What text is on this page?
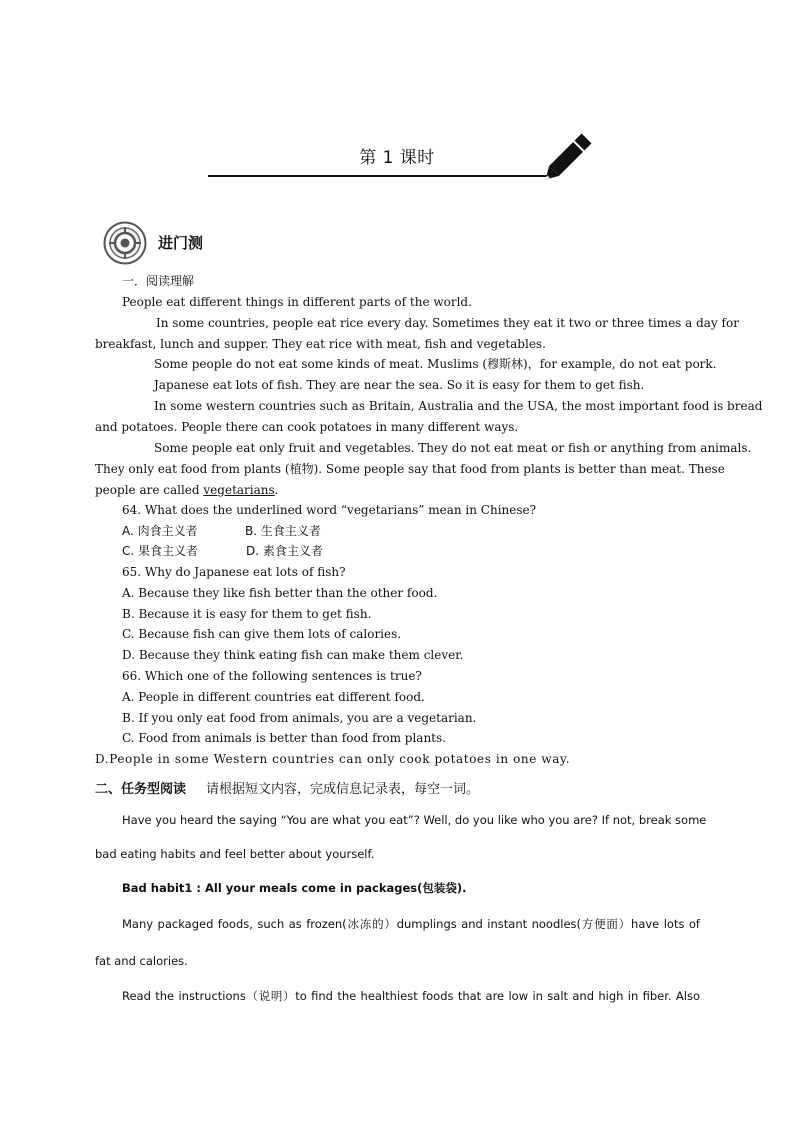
第 1 课时
进门测
一．阅读理解
People eat different things in different parts of the world.
In some countries, people eat rice every day. Sometimes they eat it two or three times a day for
breakfast, lunch and supper. They eat rice with meat, fish and vegetables.
Some people do not eat some kinds of meat. Muslims (穆斯林)，for example, do not eat pork.
Japanese eat lots of fish. They are near the sea. So it is easy for them to get fish.
In some western countries such as Britain, Australia and the USA, the most important food is bread
and potatoes. People there can cook potatoes in many different ways.
Some people eat only fruit and vegetables. They do not eat meat or fish or anything from animals.
They only eat food from plants (植物). Some people say that food from plants is better than meat. These
people are called vegetarians.
64. What does the underlined word “vegetarians” mean in Chinese?
A. 肉食主义者	B. 生食主义者
C. 果食主义者	D. 素食主义者
65. Why do Japanese eat lots of fish?
A. Because they like fish better than the other food.
B. Because it is easy for them to get fish.
C. Because fish can give them lots of calories.
D. Because they think eating fish can make them clever.
66. Which one of the following sentences is true?
A. People in different countries eat different food.
B. If you only eat food from animals, you are a vegetarian.
C. Food from animals is better than food from plants.
D.People in some Western countries can only cook potatoes in one way.
二、任务型阅读 请根据短文内容，完成信息记录表，每空一词。
Have you heard the saying “You are what you eat”? Well, do you like who you are? If not, break some
bad eating habits and feel better about yourself.
Bad habit1 : All your meals come in packages(包装袋).
Many packaged foods, such as frozen(冰冻的）dumplings and instant noodles(方便面）have lots of
fat and calories.
Read the instructions（说明）to find the healthiest foods that are low in salt and high in fiber. Also
